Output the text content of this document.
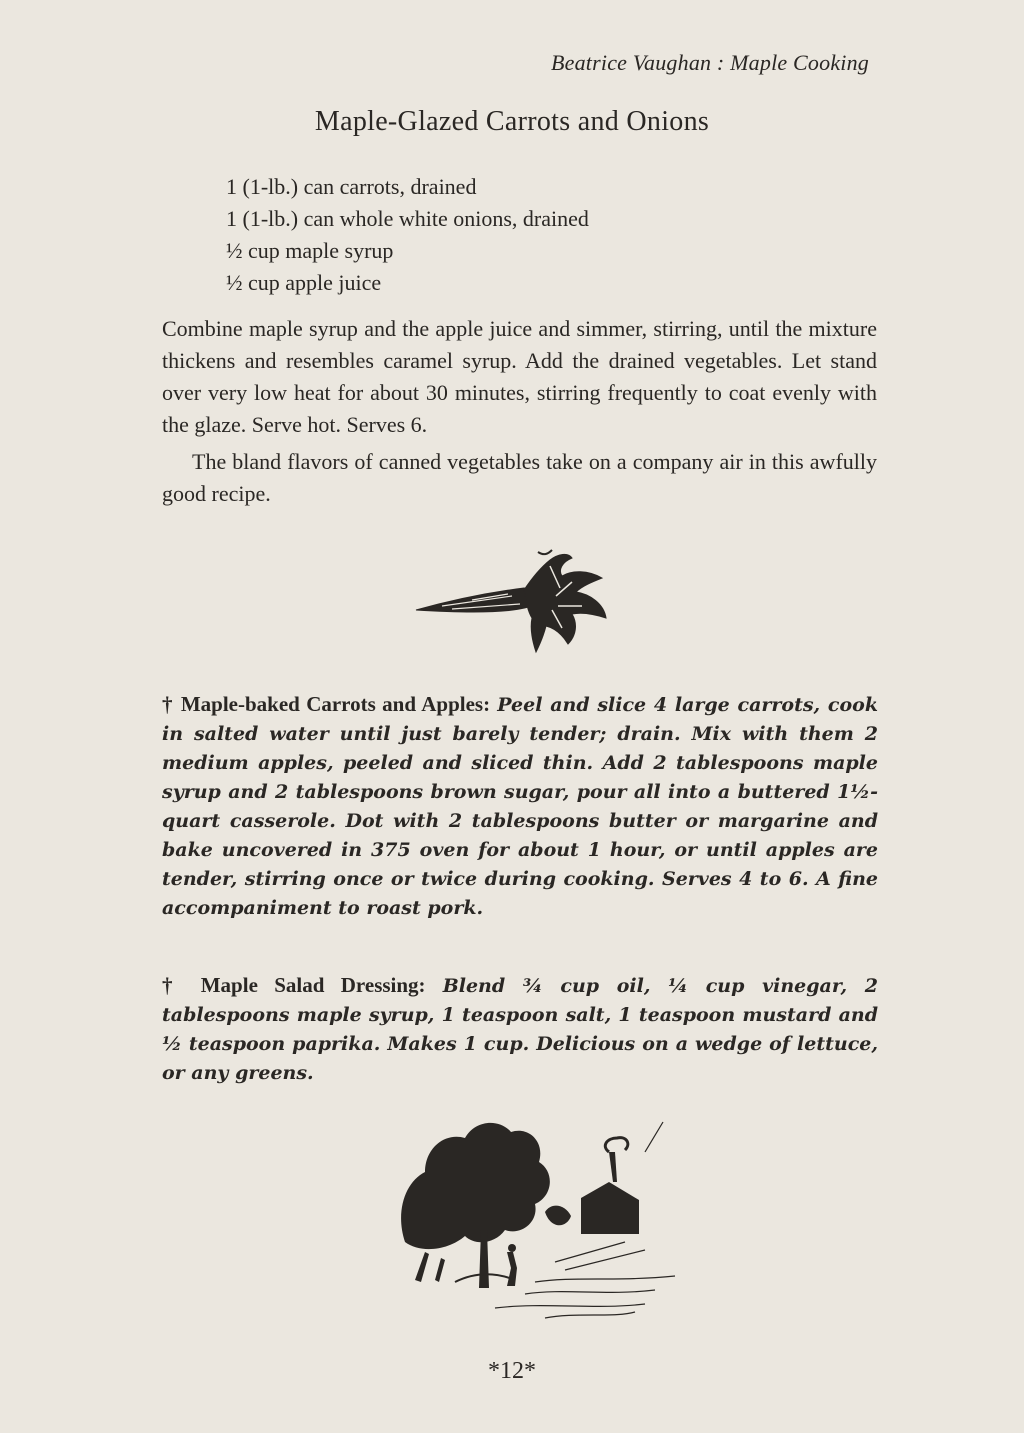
Beatrice Vaughan : Maple Cooking
Maple-Glazed Carrots and Onions
1 (1-lb.) can carrots, drained
1 (1-lb.) can whole white onions, drained
½ cup maple syrup
½ cup apple juice

Combine maple syrup and the apple juice and simmer, stirring, until the mixture thickens and resembles caramel syrup. Add the drained vegetables. Let stand over very low heat for about 30 minutes, stirring frequently to coat evenly with the glaze. Serve hot. Serves 6.

The bland flavors of canned vegetables take on a company air in this awfully good recipe.

† Maple-baked Carrots and Apples: Peel and slice 4 large carrots, cook in salted water until just barely tender; drain. Mix with them 2 medium apples, peeled and sliced thin. Add 2 tablespoons maple syrup and 2 tablespoons brown sugar, pour all into a buttered 1½-quart casserole. Dot with 2 tablespoons butter or margarine and bake uncovered in 375 oven for about 1 hour, or until apples are tender, stirring once or twice during cooking. Serves 4 to 6. A fine accompaniment to roast pork.
† Maple Salad Dressing: Blend ¾ cup oil, ¼ cup vinegar, 2 tablespoons maple syrup, 1 teaspoon salt, 1 teaspoon mustard and ½ teaspoon paprika. Makes 1 cup. Delicious on a wedge of lettuce, or any greens.
*12*
